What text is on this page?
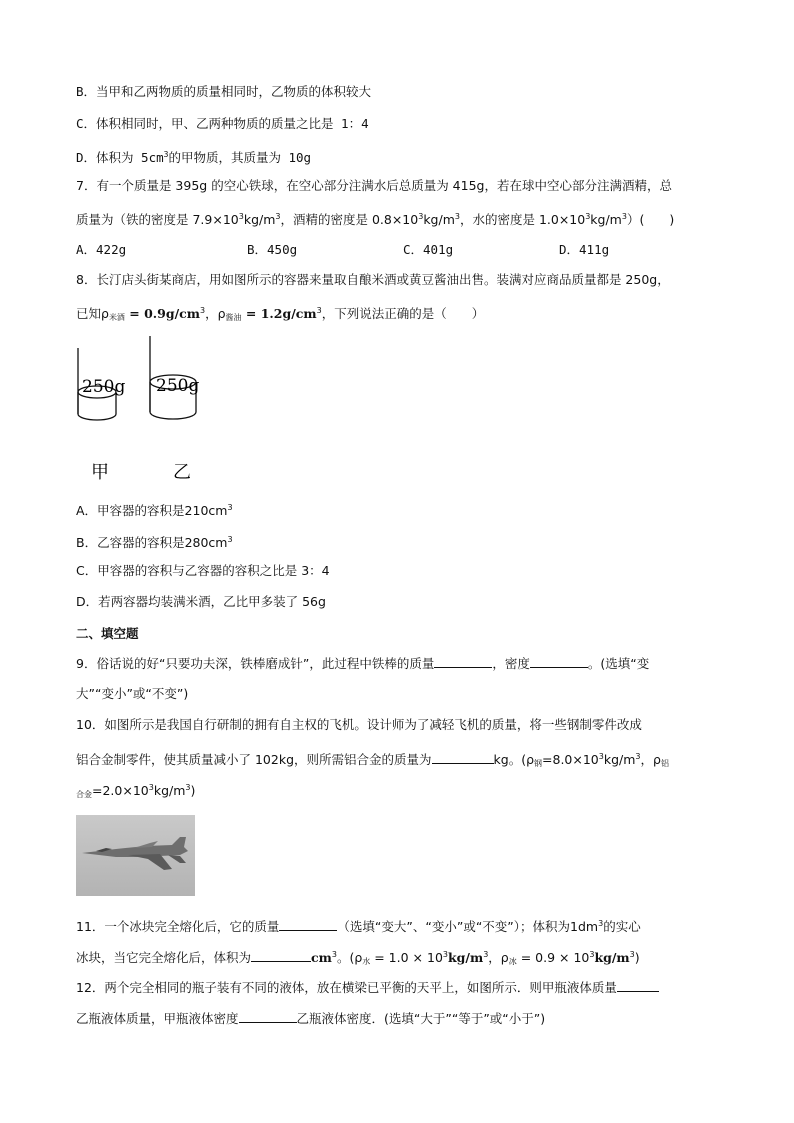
B．当甲和乙两物质的质量相同时，乙物质的体积较大
C．体积相同时，甲、乙两种物质的质量之比是 1：4
D．体积为 $5cm^3$的甲物质，其质量为 10g
7．有一个质量是 395g 的空心铁球，在空心部分注满水后总质量为 415g，若在球中空心部分注满酒精，总
质量为（铁的密度是 $7.9\times 10^3kg/m^3$，酒精的密度是 $0.8\times 10^3kg/m^3$，水的密度是 $1.0\times 10^3kg/m^3$）(　　)
A．422g	B．450g	C．401g	D．411g
8．长汀店头街某商店，用如图所示的容器来量取自酿米酒或黄豆酱油出售。装满对应商品质量都是 250g，
已知$\rho_{米酒} = 0.9g/cm^3$，$\rho_{酱油} = 1.2g/cm^3$，下列说法正确的是（　　）
250g 250g
甲	乙
A．甲容器的容积是$210cm^3$
B．乙容器的容积是$280cm^3$
C．甲容器的容积与乙容器的容积之比是 3：4
D．若两容器均装满米酒，乙比甲多装了 56g
二、填空题
9．俗话说的好“只要功夫深，铁棒磨成针”，此过程中铁棒的质量	，密度	。(选填“变
大”“变小”或“不变”)
10．如图所示是我国自行研制的拥有自主权的飞机。设计师为了减轻飞机的质量，将一些钢制零件改成
铝合金制零件，使其质量减小了 102kg，则所需铝合金的质量为	kg。($\rho_钢=8.0\times 10^3kg/m^3$，$\rho_铝$
$_{合金}=2.0\times 10^3kg/m^3$)
11．一个冰块完全熔化后，它的质量	（选填“变大”、“变小”或“不变”）；体积为$1dm^3$的实心
冰块，当它完全熔化后，体积为	$cm^3$。($\rho_水 = 1.0 \times 10^3kg/m^3$，$\rho_冰 = 0.9 \times 10^3kg/m^3$)
12．两个完全相同的瓶子装有不同的液体，放在横梁已平衡的天平上，如图所示．则甲瓶液体质量
乙瓶液体质量，甲瓶液体密度	乙瓶液体密度．(选填“大于”“等于”或“小于”)
